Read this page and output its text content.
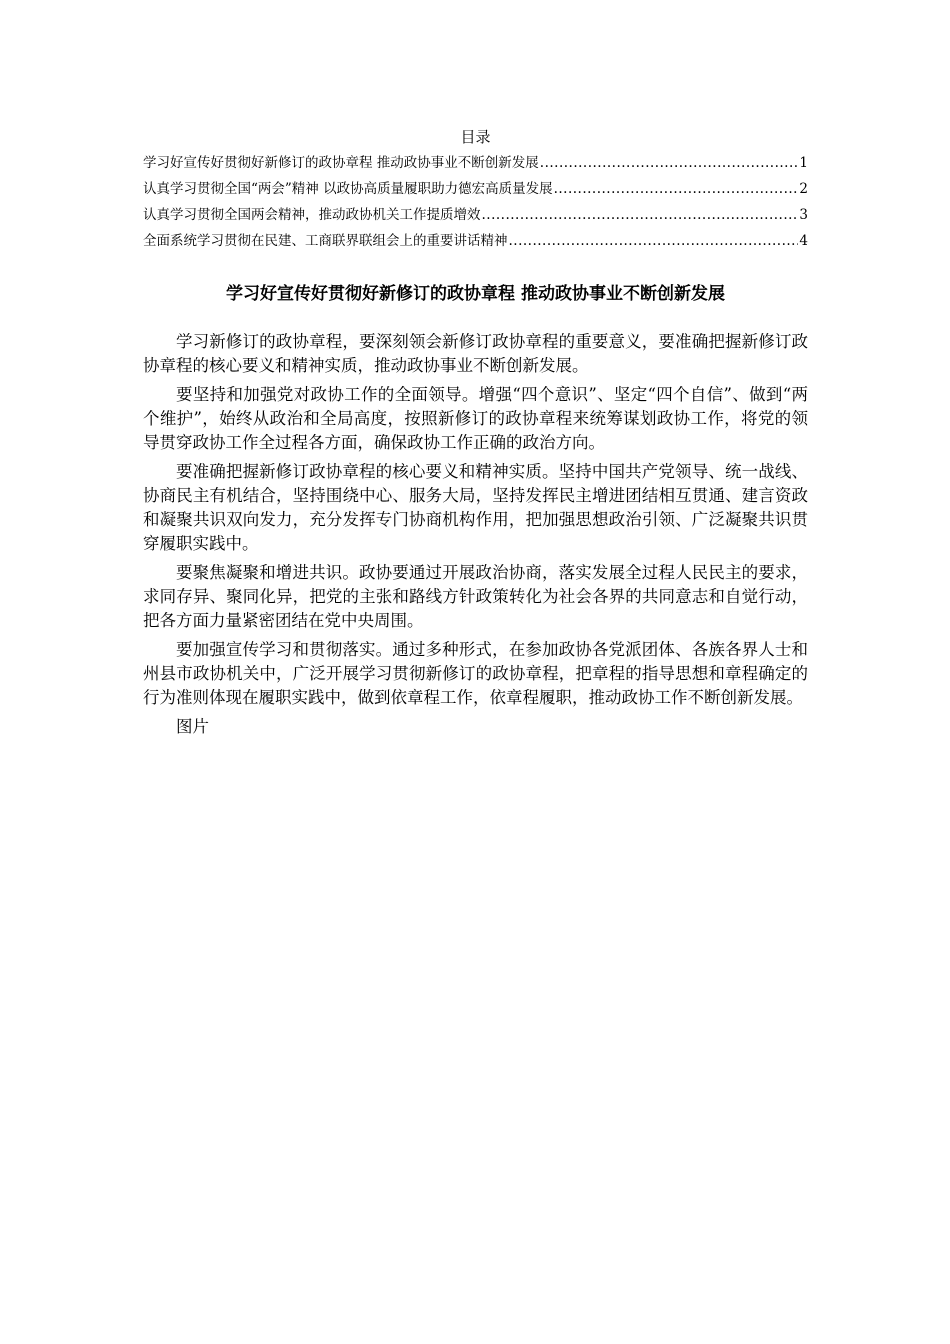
目录
学习好宣传好贯彻好新修订的政协章程 推动政协事业不断创新发展 .....	1
认真学习贯彻全国“两会”精神 以政协高质量履职助力德宏高质量发展 .....	2
认真学习贯彻全国两会精神，推动政协机关工作提质增效 .....	3
全面系统学习贯彻在民建、工商联界联组会上的重要讲话精神 .....	4
学习好宣传好贯彻好新修订的政协章程 推动政协事业不断创新发展

学习新修订的政协章程，要深刻领会新修订政协章程的重要意义，要准确把握新修订政协章程的核心要义和精神实质，推动政协事业不断创新发展。

要坚持和加强党对政协工作的全面领导。增强“四个意识”、坚定“四个自信”、做到“两个维护”，始终从政治和全局高度，按照新修订的政协章程来统筹谋划政协工作，将党的领导贯穿政协工作全过程各方面，确保政协工作正确的政治方向。

要准确把握新修订政协章程的核心要义和精神实质。坚持中国共产党领导、统一战线、协商民主有机结合，坚持围绕中心、服务大局，坚持发挥民主增进团结相互贯通、建言资政和凝聚共识双向发力，充分发挥专门协商机构作用，把加强思想政治引领、广泛凝聚共识贯穿履职实践中。

要聚焦凝聚和增进共识。政协要通过开展政治协商，落实发展全过程人民民主的要求，求同存异、聚同化异，把党的主张和路线方针政策转化为社会各界的共同意志和自觉行动，把各方面力量紧密团结在党中央周围。

要加强宣传学习和贯彻落实。通过多种形式，在参加政协各党派团体、各族各界人士和州县市政协机关中，广泛开展学习贯彻新修订的政协章程，把章程的指导思想和章程确定的行为准则体现在履职实践中，做到依章程工作，依章程履职，推动政协工作不断创新发展。

图片
